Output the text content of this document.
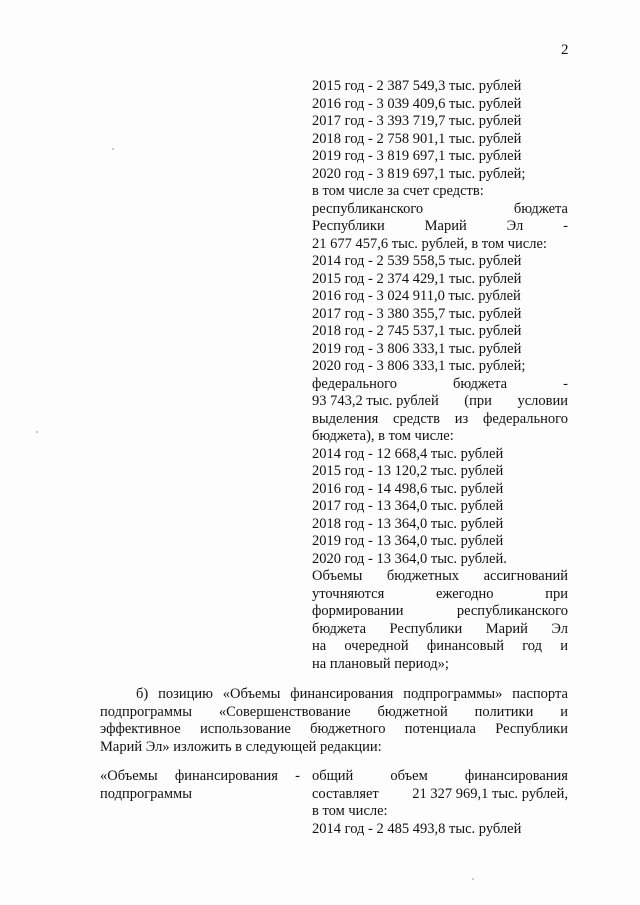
2
2015 год - 2 387 549,3 тыс. рублей
2016 год - 3 039 409,6 тыс. рублей
2017 год - 3 393 719,7 тыс. рублей
2018 год - 2 758 901,1 тыс. рублей
2019 год - 3 819 697,1 тыс. рублей
2020 год - 3 819 697,1 тыс. рублей;
в том числе за счет средств:
республиканского	бюджета
Республики	Марий	Эл	-
21 677 457,6 тыс. рублей, в том числе:
2014 год - 2 539 558,5 тыс. рублей
2015 год - 2 374 429,1 тыс. рублей
2016 год - 3 024 911,0 тыс. рублей
2017 год - 3 380 355,7 тыс. рублей
2018 год - 2 745 537,1 тыс. рублей
2019 год - 3 806 333,1 тыс. рублей
2020 год - 3 806 333,1 тыс. рублей;
федерального	бюджета	-
93 743,2 тыс. рублей (при условии
выделения средств из федерального
бюджета), в том числе:
2014 год - 12 668,4 тыс. рублей
2015 год - 13 120,2 тыс. рублей
2016 год - 14 498,6 тыс. рублей
2017 год - 13 364,0 тыс. рублей
2018 год - 13 364,0 тыс. рублей
2019 год - 13 364,0 тыс. рублей
2020 год - 13 364,0 тыс. рублей.
Объемы бюджетных ассигнований
уточняются	ежегодно	при
формировании	республиканского
бюджета Республики Марий Эл
на очередной финансовый год и
на плановый период»;
б) позицию «Объемы финансирования подпрограммы» паспорта
подпрограммы «Совершенствование бюджетной политики и
эффективное использование бюджетного потенциала Республики
Марий Эл» изложить в следующей редакции:
«Объемы финансирования -
подпрограммы
общий	объем	финансирования
составляет 21 327 969,1 тыс. рублей,
в том числе:
2014 год - 2 485 493,8 тыс. рублей
